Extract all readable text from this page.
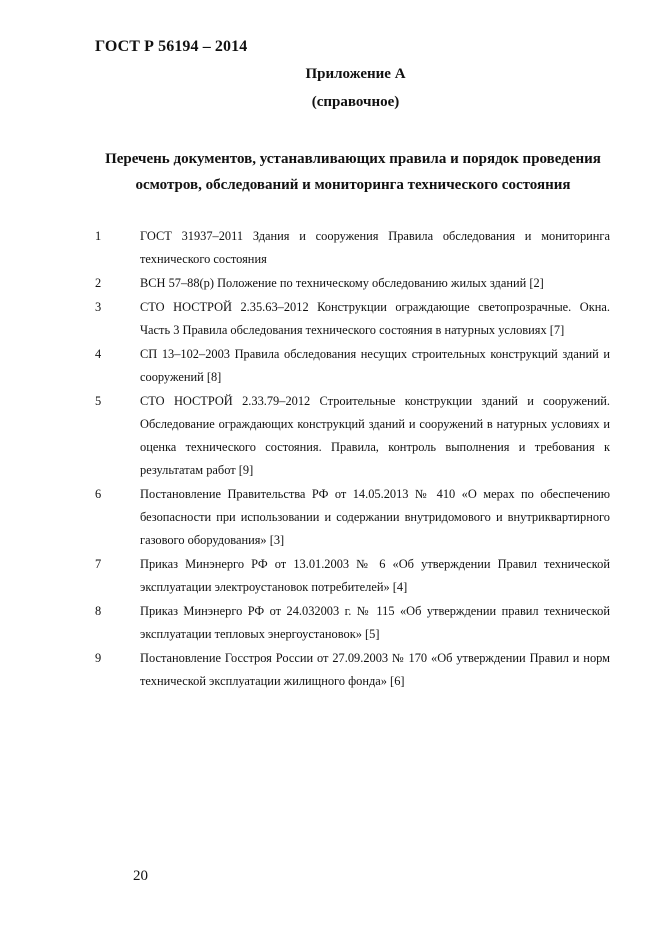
ГОСТ Р 56194 – 2014
Приложение А
(справочное)
Перечень документов, устанавливающих правила и порядок проведения осмотров, обследований и мониторинга технического состояния
1	ГОСТ 31937–2011 Здания и сооружения Правила обследования и мониторинга технического состояния
2	ВСН 57–88(р) Положение по техническому обследованию жилых зданий [2]
3	СТО НОСТРОЙ 2.35.63–2012 Конструкции ограждающие светопрозрачные. Окна. Часть 3 Правила обследования технического состояния в натурных условиях [7]
4	СП 13–102–2003 Правила обследования несущих строительных конструкций зданий и сооружений [8]
5	СТО НОСТРОЙ 2.33.79–2012 Строительные конструкции зданий и сооружений. Обследование ограждающих конструкций зданий и сооружений в натурных условиях и оценка технического состояния. Правила, контроль выполнения и требования к результатам работ [9]
6	Постановление Правительства РФ от 14.05.2013 № 410 «О мерах по обеспечению безопасности при использовании и содержании внутридомового и внутриквартирного газового оборудования» [3]
7	Приказ Минэнерго РФ от 13.01.2003 № 6 «Об утверждении Правил технической эксплуатации электроустановок потребителей» [4]
8	Приказ Минэнерго РФ от 24.032003 г. № 115 «Об утверждении правил технической эксплуатации тепловых энергоустановок» [5]
9	Постановление Госстроя России от 27.09.2003 № 170 «Об утверждении Правил и норм технической эксплуатации жилищного фонда» [6]
20
